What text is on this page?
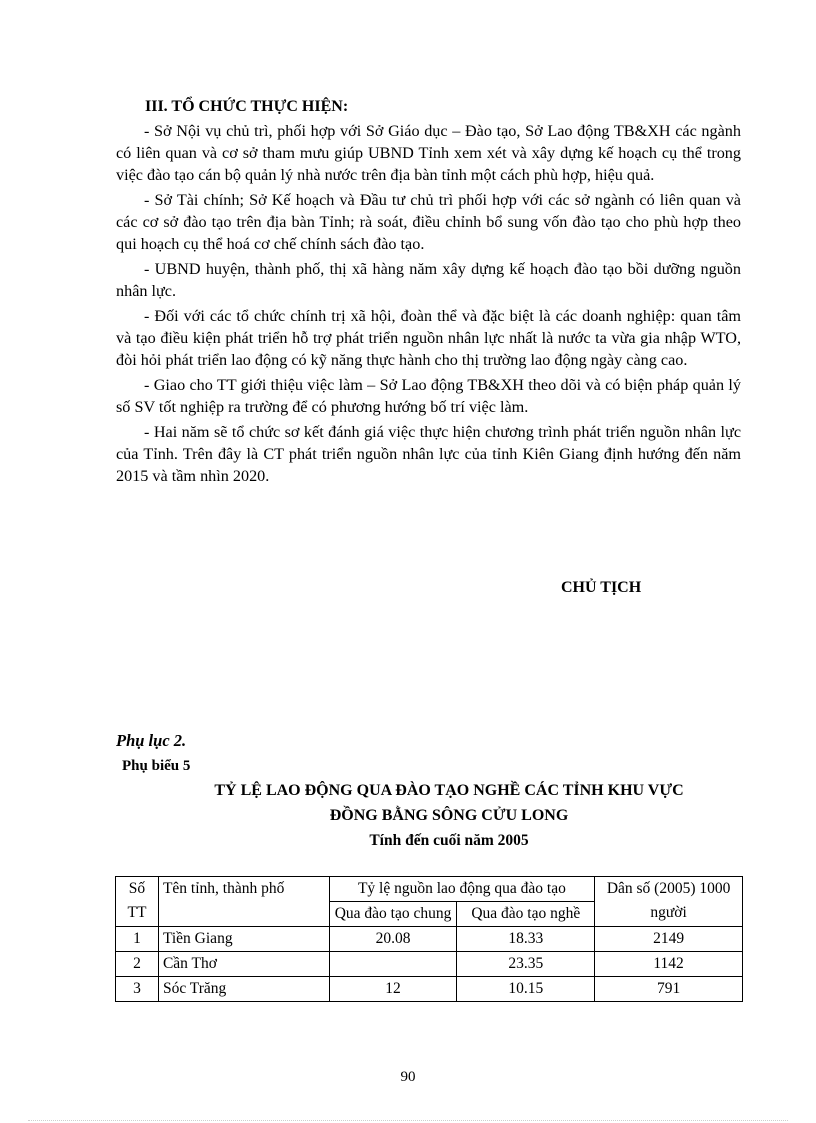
III. TỔ CHỨC THỰC HIỆN:

- Sở Nội vụ chủ trì, phối hợp với Sở Giáo dục – Đào tạo, Sở Lao động TB&XH các ngành có liên quan và cơ sở tham mưu giúp UBND Tỉnh xem xét và xây dựng kế hoạch cụ thể trong việc đào tạo cán bộ quản lý nhà nước trên địa bàn tỉnh một cách phù hợp, hiệu quả.

- Sở Tài chính; Sở Kế hoạch và Đầu tư chủ trì phối hợp với các sở ngành có liên quan và các cơ sở đào tạo trên địa bàn Tỉnh; rà soát, điều chỉnh bổ sung vốn đào tạo cho phù hợp theo qui hoạch cụ thể hoá cơ chế chính sách đào tạo.

- UBND huyện, thành phố, thị xã hàng năm xây dựng kế hoạch đào tạo bồi dưỡng nguồn nhân lực.

- Đối với các tổ chức chính trị xã hội, đoàn thể và đặc biệt là các doanh nghiệp: quan tâm và tạo điều kiện phát triển hỗ trợ phát triển nguồn nhân lực nhất là nước ta vừa gia nhập WTO, đòi hỏi phát triển lao động có kỹ năng thực hành cho thị trường lao động ngày càng cao.

- Giao cho TT giới thiệu việc làm – Sở Lao động TB&XH theo dõi và có biện pháp quản lý số SV tốt nghiệp ra trường để có phương hướng bố trí việc làm.

- Hai năm sẽ tổ chức sơ kết đánh giá việc thực hiện chương trình phát triển nguồn nhân lực của Tỉnh. Trên đây là CT phát triển nguồn nhân lực của tỉnh Kiên Giang định hướng đến năm 2015 và tầm nhìn 2020.

CHỦ TỊCH
Phụ lục 2.
Phụ biểu 5
TỶ LỆ LAO ĐỘNG QUA ĐÀO TẠO NGHỀ CÁC TỈNH KHU VỰC
ĐỒNG BẰNG SÔNG CỬU LONG
Tính đến cuối năm 2005
Số TT	Tên tỉnh, thành phố	Tỷ lệ nguồn lao động qua đào tạo		Dân số (2005) 1000 người
		Qua đào tạo chung	Qua đào tạo nghề	
1	Tiền Giang	20.08	18.33	2149
2	Cần Thơ		23.35	1142
3	Sóc Trăng	12	10.15	791
90
